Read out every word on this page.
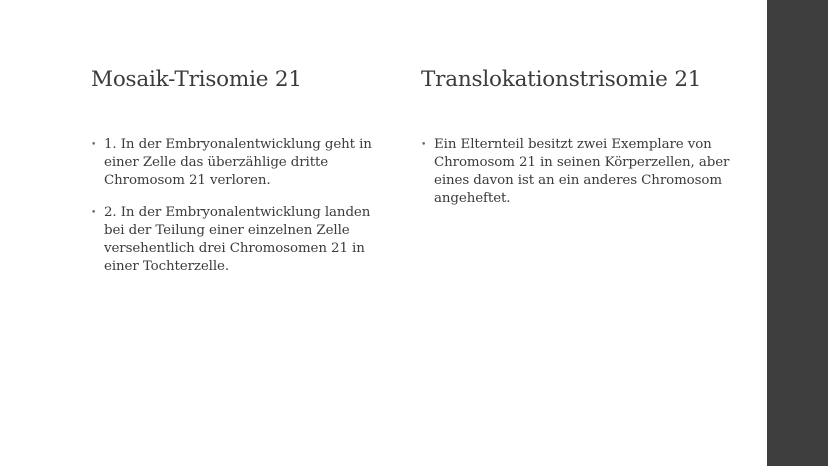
Mosaik-Trisomie 21
• 1. In der Embryonalentwicklung geht in einer Zelle das überzählige dritte Chromosom 21 verloren.
• 2. In der Embryonalentwicklung landen bei der Teilung einer einzelnen Zelle versehentlich drei Chromosomen 21 in einer Tochterzelle.
Translokationstrisomie 21
• Ein Elternteil besitzt zwei Exemplare von Chromosom 21 in seinen Körperzellen, aber eines davon ist an ein anderes Chromosom angeheftet.
